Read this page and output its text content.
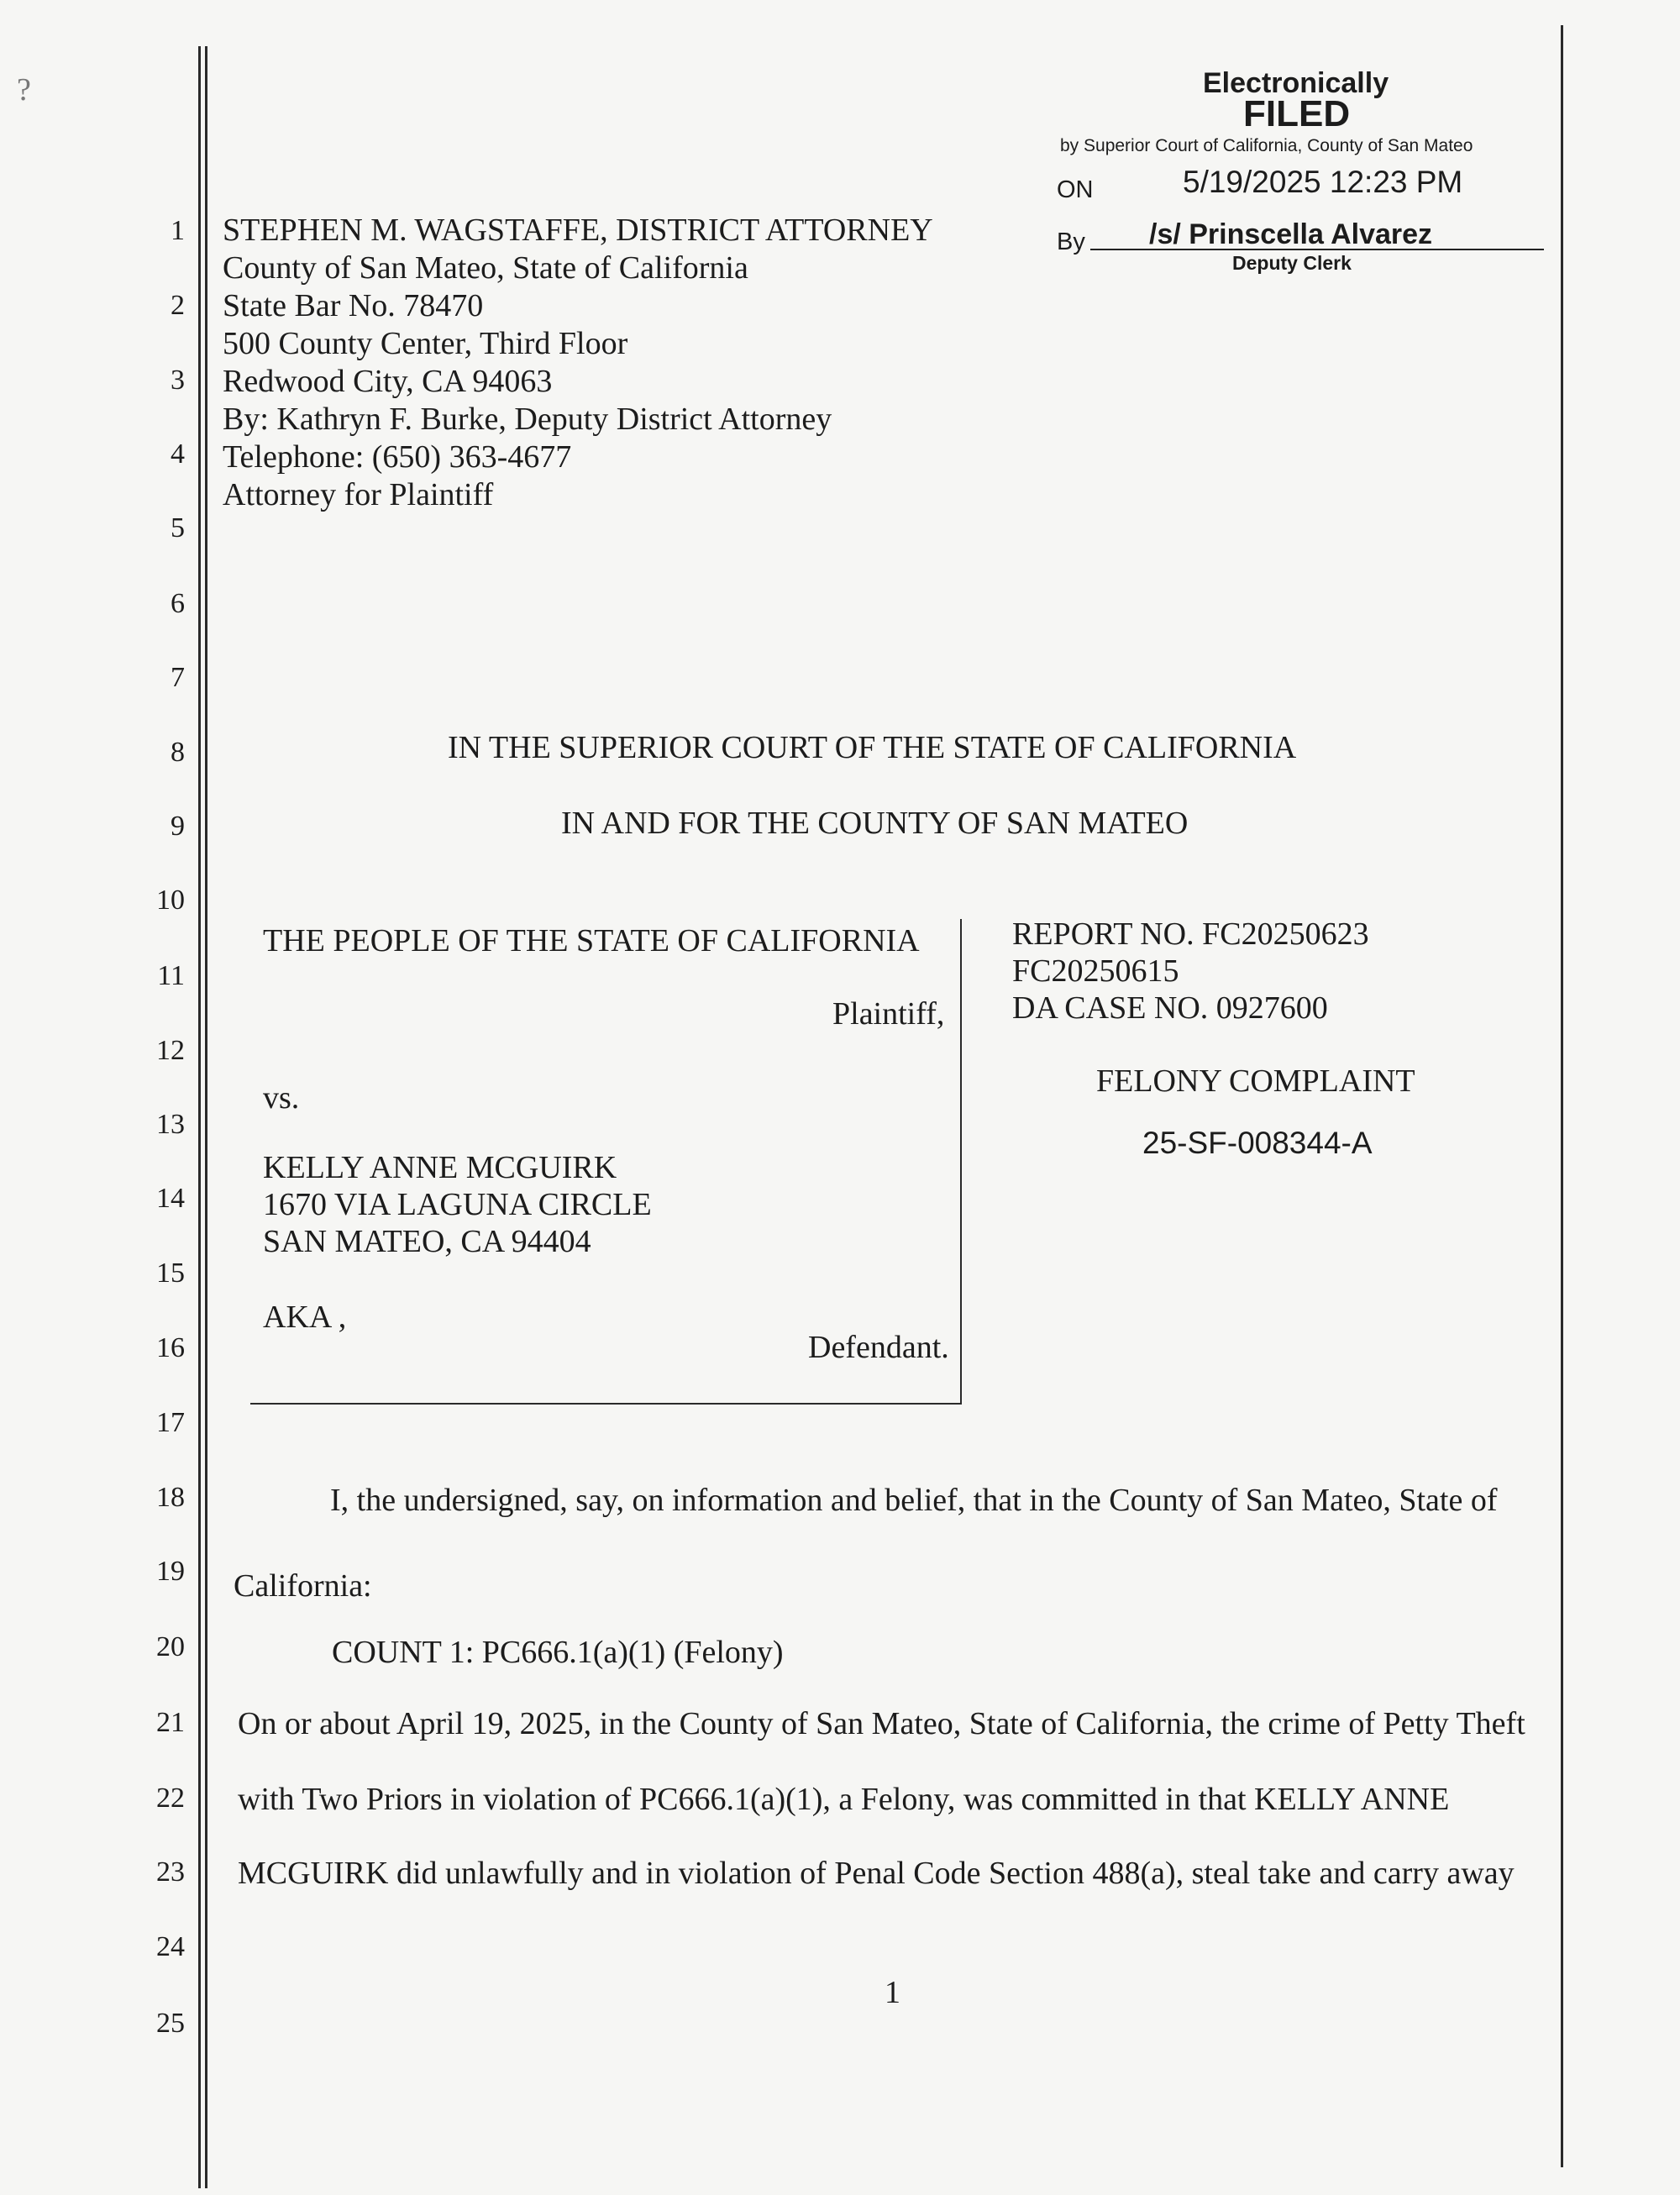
?	Electronically
FILED
by Superior Court of California, County of San Mateo
ON	5/19/2025 12:23 PM
By /s/ Prinscella Alvarez
Deputy Clerk
1
2
3
4
5
6
7
8
9
10
11
12
13
14
15
16
17
18
19
20
21
22
23
24
25
STEPHEN M. WAGSTAFFE, DISTRICT ATTORNEY
County of San Mateo, State of California
State Bar No. 78470
500 County Center, Third Floor
Redwood City, CA 94063
By: Kathryn F. Burke, Deputy District Attorney
Telephone: (650) 363-4677
Attorney for Plaintiff
IN THE SUPERIOR COURT OF THE STATE OF CALIFORNIA
IN AND FOR THE COUNTY OF SAN MATEO
THE PEOPLE OF THE STATE OF CALIFORNIA
Plaintiff,
vs.
KELLY ANNE MCGUIRK
1670 VIA LAGUNA CIRCLE
SAN MATEO, CA 94404
AKA ,
Defendant.
REPORT NO. FC20250623
FC20250615
DA CASE NO. 0927600
FELONY COMPLAINT
25-SF-008344-A
I, the undersigned, say, on information and belief, that in the County of San Mateo, State of
California:
COUNT 1: PC666.1(a)(1) (Felony)
On or about April 19, 2025, in the County of San Mateo, State of California, the crime of Petty Theft
with Two Priors in violation of PC666.1(a)(1), a Felony, was committed in that KELLY ANNE
MCGUIRK did unlawfully and in violation of Penal Code Section 488(a), steal take and carry away
1
